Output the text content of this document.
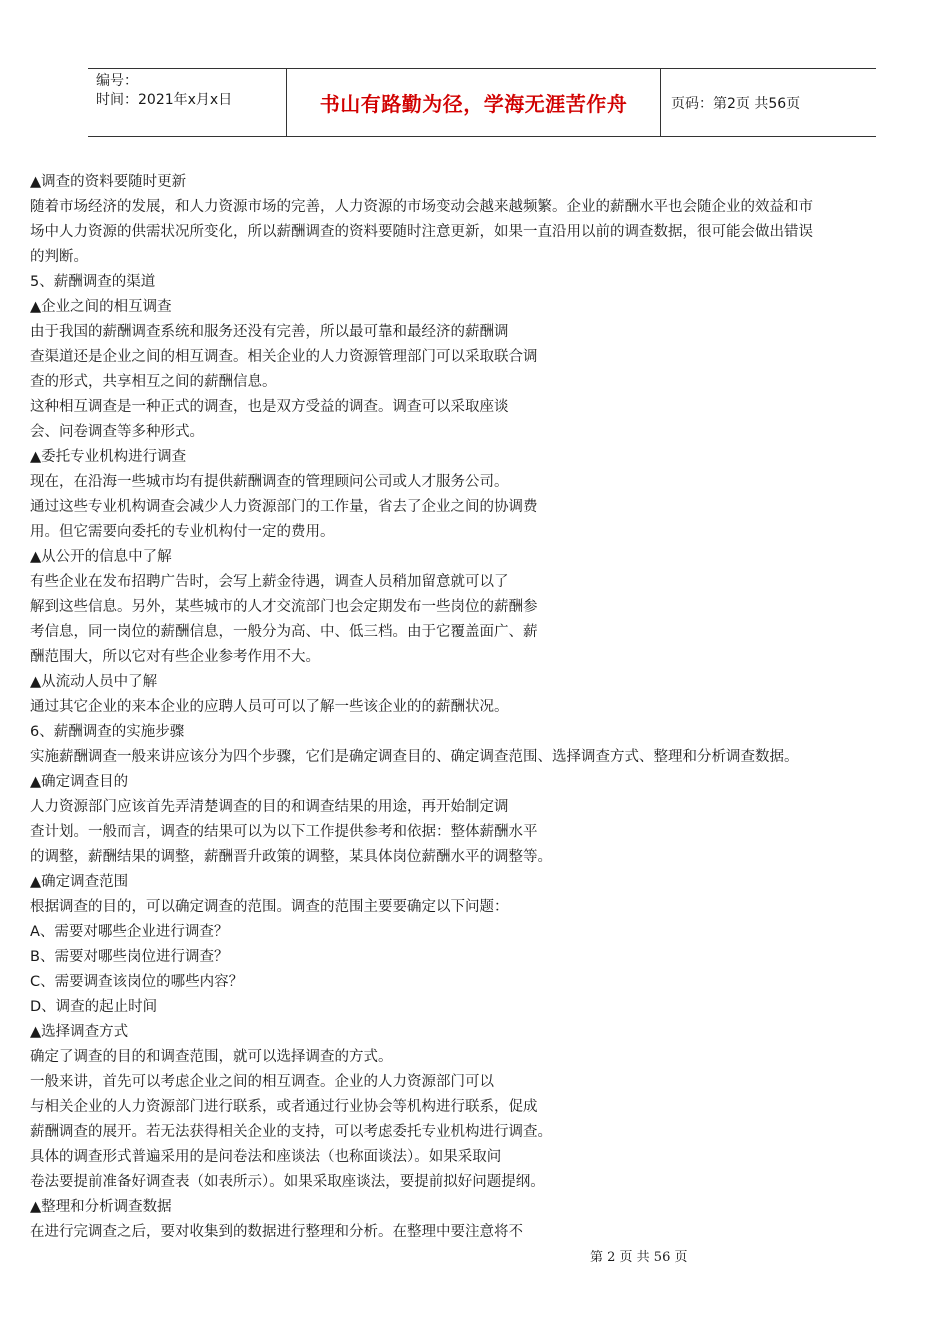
编号：
时间：2021年x月x日	书山有路勤为径，学海无涯苦作舟	页码：第2页 共56页

▲调查的资料要随时更新

随着市场经济的发展，和人力资源市场的完善，人力资源的市场变动会越来越频繁。企业的薪酬水平也会随企业的效益和市

场中人力资源的供需状况所变化，所以薪酬调查的资料要随时注意更新，如果一直沿用以前的调查数据，很可能会做出错误

的判断。

5、薪酬调查的渠道

▲企业之间的相互调查

由于我国的薪酬调查系统和服务还没有完善，所以最可靠和最经济的薪酬调

查渠道还是企业之间的相互调查。相关企业的人力资源管理部门可以采取联合调

查的形式，共享相互之间的薪酬信息。

这种相互调查是一种正式的调查，也是双方受益的调查。调查可以采取座谈

会、问卷调查等多种形式。

▲委托专业机构进行调查

现在，在沿海一些城市均有提供薪酬调查的管理顾问公司或人才服务公司。

通过这些专业机构调查会减少人力资源部门的工作量，省去了企业之间的协调费

用。但它需要向委托的专业机构付一定的费用。

▲从公开的信息中了解

有些企业在发布招聘广告时，会写上薪金待遇，调查人员稍加留意就可以了

解到这些信息。另外，某些城市的人才交流部门也会定期发布一些岗位的薪酬参

考信息，同一岗位的薪酬信息，一般分为高、中、低三档。由于它覆盖面广、薪

酬范围大，所以它对有些企业参考作用不大。

▲从流动人员中了解

通过其它企业的来本企业的应聘人员可可以了解一些该企业的的薪酬状况。

6、薪酬调查的实施步骤

实施薪酬调查一般来讲应该分为四个步骤，它们是确定调查目的、确定调查范围、选择调查方式、整理和分析调查数据。

▲确定调查目的

人力资源部门应该首先弄清楚调查的目的和调查结果的用途，再开始制定调

查计划。一般而言，调查的结果可以为以下工作提供参考和依据：整体薪酬水平

的调整，薪酬结果的调整，薪酬晋升政策的调整，某具体岗位薪酬水平的调整等。

▲确定调查范围

根据调查的目的，可以确定调查的范围。调查的范围主要要确定以下问题：

A、需要对哪些企业进行调查？

B、需要对哪些岗位进行调查？

C、需要调查该岗位的哪些内容？

D、调查的起止时间

▲选择调查方式

确定了调查的目的和调查范围，就可以选择调查的方式。

一般来讲，首先可以考虑企业之间的相互调查。企业的人力资源部门可以

与相关企业的人力资源部门进行联系，或者通过行业协会等机构进行联系，促成

薪酬调查的展开。若无法获得相关企业的支持，可以考虑委托专业机构进行调查。

具体的调查形式普遍采用的是问卷法和座谈法（也称面谈法）。如果采取问

卷法要提前准备好调查表（如表所示）。如果采取座谈法，要提前拟好问题提纲。

▲整理和分析调查数据

在进行完调查之后，要对收集到的数据进行整理和分析。在整理中要注意将不

第 2 页 共 56 页
